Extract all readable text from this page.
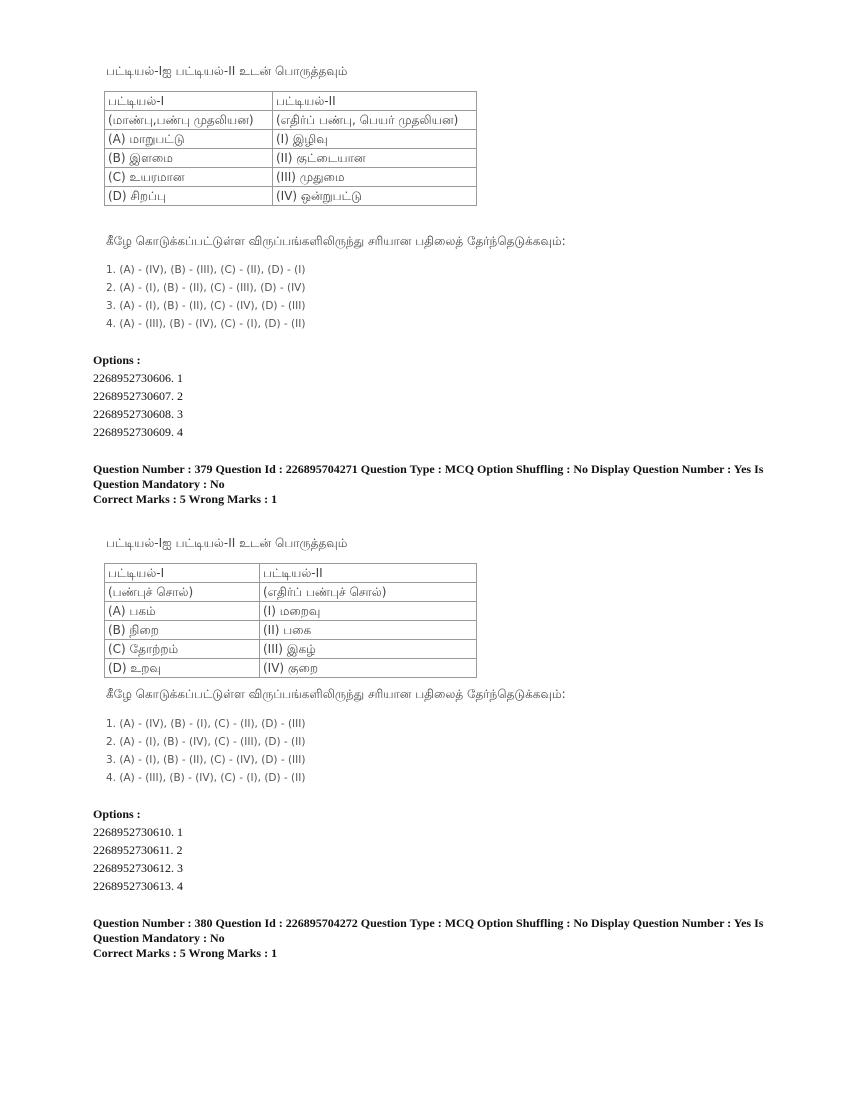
பட்டியல்-Iஐ பட்டியல்-II உடன் பொருத்தவும்
பட்டியல்-I	பட்டியல்-II
(மாண்பு,பண்பு முதலியன)	(எதிர்ப் பண்பு, பெயர் முதலியன)
(A) மாறுபட்டு	(I) இழிவு
(B) இளமை	(II) குட்டையான
(C) உயரமான	(III) முதுமை
(D) சிறப்பு	(IV) ஒன்றுபட்டு
கீழே கொடுக்கப்பட்டுள்ள விருப்பங்களிலிருந்து சரியான பதிலைத் தேர்ந்தெடுக்கவும்:
1. (A) - (IV), (B) - (III), (C) - (II), (D) - (I)
2. (A) - (I), (B) - (II), (C) - (III), (D) - (IV)
3. (A) - (I), (B) - (II), (C) - (IV), (D) - (III)
4. (A) - (III), (B) - (IV), (C) - (I), (D) - (II)
Options :
2268952730606. 1
2268952730607. 2
2268952730608. 3
2268952730609. 4

Question Number : 379 Question Id : 226895704271 Question Type : MCQ Option Shuffling : No Display Question Number : Yes Is Question Mandatory : No

Correct Marks : 5 Wrong Marks : 1

பட்டியல்-Iஐ பட்டியல்-II உடன் பொருத்தவும்
பட்டியல்-I	பட்டியல்-II
(பண்புச் சொல்)	(எதிர்ப் பண்புச் சொல்)
(A) பகம்	(I) மறைவு
(B) நிறை	(II) பகை
(C) தோற்றம்	(III) இகழ்
(D) உறவு	(IV) குறை
கீழே கொடுக்கப்பட்டுள்ள விருப்பங்களிலிருந்து சரியான பதிலைத் தேர்ந்தெடுக்கவும்:
1. (A) - (IV), (B) - (I), (C) - (II), (D) - (III)
2. (A) - (I), (B) - (IV), (C) - (III), (D) - (II)
3. (A) - (I), (B) - (II), (C) - (IV), (D) - (III)
4. (A) - (III), (B) - (IV), (C) - (I), (D) - (II)
Options :
2268952730610. 1
2268952730611. 2
2268952730612. 3
2268952730613. 4

Question Number : 380 Question Id : 226895704272 Question Type : MCQ Option Shuffling : No Display Question Number : Yes Is Question Mandatory : No

Correct Marks : 5 Wrong Marks : 1
